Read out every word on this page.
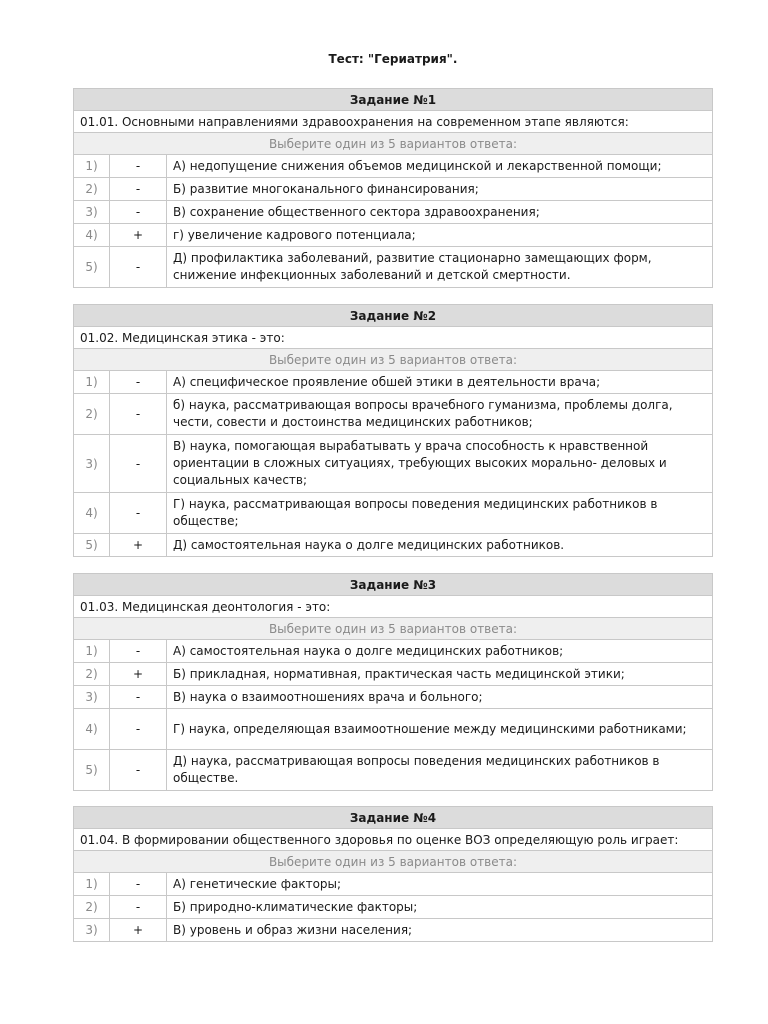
Тест: "Гериатрия".
Задание №1		
01.01. Основными направлениями здравоохранения на современном этапе являются:		
Выберите один из 5 вариантов ответа:		
1)	-	А) недопущение снижения объемов медицинской и лекарственной помощи;
2)	-	Б) развитие многоканального финансирования;
3)	-	В) сохранение общественного сектора здравоохранения;
4)	+	г) увеличение кадрового потенциала;
5)	-	Д) профилактика заболеваний, развитие стационарно замещающих форм, снижение инфекционных заболеваний и детской смертности.
Задание №2		
01.02. Медицинская этика - это:		
Выберите один из 5 вариантов ответа:		
1)	-	А) специфическое проявление обшей этики в деятельности врача;
2)	-	б) наука, рассматривающая вопросы врачебного гуманизма, проблемы долга, чести, совести и достоинства медицинских работников;
3)	-	В) наука, помогающая вырабатывать у врача способность к нравственной ориентации в сложных ситуациях, требующих высоких морально- деловых и социальных качеств;
4)	-	Г) наука, рассматривающая вопросы поведения медицинских работников в обществе;
5)	+	Д) самостоятельная наука о долге медицинских работников.
Задание №3		
01.03. Медицинская деонтология - это:		
Выберите один из 5 вариантов ответа:		
1)	-	А) самостоятельная наука о долге медицинских работников;
2)	+	Б) прикладная, нормативная, практическая часть медицинской этики;
3)	-	В) наука о взаимоотношениях врача и больного;
4)	-	Г) наука, определяющая взаимоотношение между медицинскими работниками;
5)	-	Д) наука, рассматривающая вопросы поведения медицинских работников в обществе.
Задание №4		
01.04. В формировании общественного здоровья по оценке ВОЗ определяющую роль играет:		
Выберите один из 5 вариантов ответа:		
1)	-	А) генетические факторы;
2)	-	Б) природно-климатические факторы;
3)	+	В) уровень и образ жизни населения;
